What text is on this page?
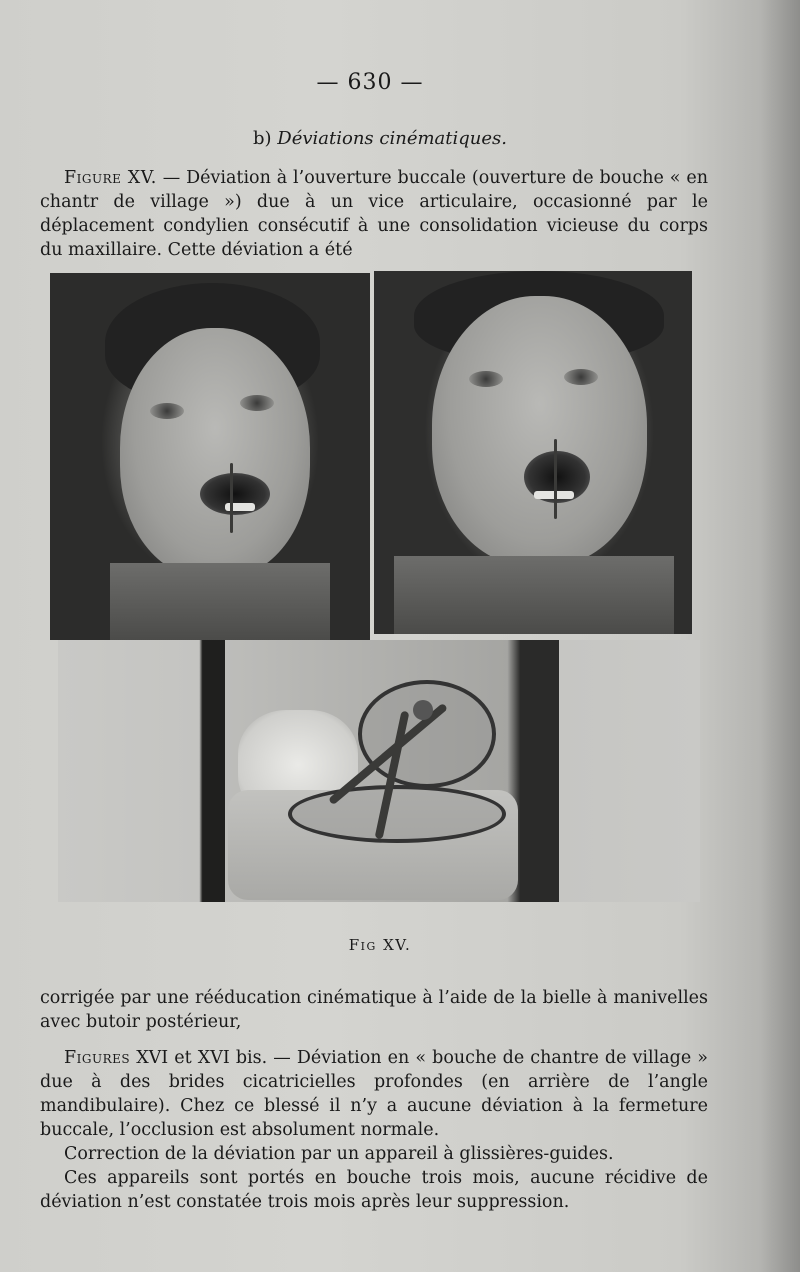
— 630 —
b) Déviations cinématiques.

Figure XV. — Déviation à l’ouverture buccale (ouverture de bouche « en chantr de village ») due à un vice articulaire, occasionné par le déplacement condylien consécutif à une consolidation vicieuse du corps du maxillaire. Cette déviation a été

Fig XV.

corrigée par une rééducation cinématique à l’aide de la bielle à manivelles avec butoir postérieur,

Figures XVI et XVI bis. — Déviation en « bouche de chantre de village » due à des brides cicatricielles profondes (en arrière de l’angle mandibulaire). Chez ce blessé il n’y a aucune déviation à la fermeture buccale, l’occlusion est absolument normale.

Correction de la déviation par un appareil à glissières-guides.

Ces appareils sont portés en bouche trois mois, aucune récidive de déviation n’est constatée trois mois après leur suppression.
